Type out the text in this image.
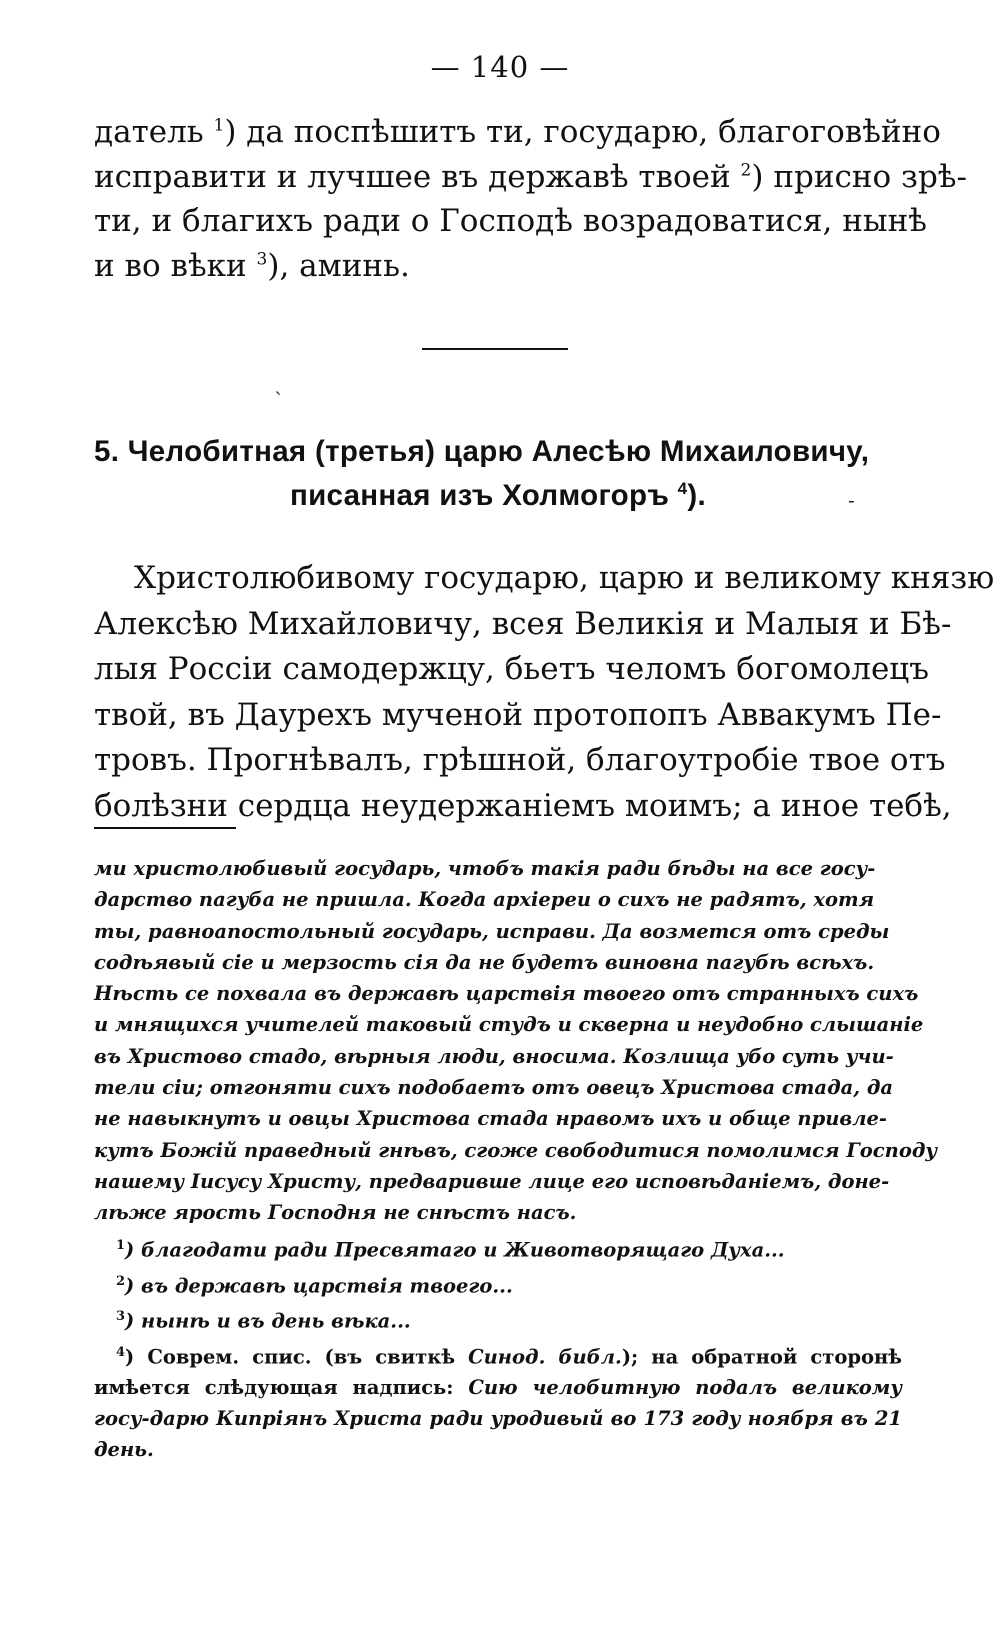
— 140 —
датель $^1$) да поспѣшитъ ти, государю, благоговѣйно
исправити и лучшее въ державѣ твоей $^2$) присно зрѣ-
ти, и благихъ ради о Господѣ возрадоватися, нынѣ
и во вѣки $^3$), аминь.
5. Челобитная (третья) царю Алесѣю Михаиловичу,
писанная изъ Холмогоръ $^4$).
Христолюбивому государю, царю и великому князю
Алексѣю Михайловичу, всея Великія и Малыя и Бѣ-
лыя Россіи самодержцу, бьетъ челомъ богомолецъ
твой, въ Даурехъ мученой протопопъ Аввакумъ Пе-
тровъ. Прогнѣвалъ, грѣшной, благоутробіе твое отъ
болѣзни сердца неудержаніемъ моимъ; а иное тебѣ,
ми христолюбивый государь, чтобъ такія ради бѣды на все госу-
дарство пагуба не пришла. Когда архіереи о сихъ не радятъ, хотя
ты, равноапостольный государь, исправи. Да возмется отъ среды
содѣявый сіе и мерзость сія да не будетъ виновна пагубѣ всѣхъ.
Нѣсть се похвала въ державѣ царствія твоего отъ странныхъ сихъ
и мнящихся учителей таковый студъ и скверна и неудобно слышаніе
въ Христово стадо, вѣрныя люди, вносима. Козлища убо суть учи-
тели сіи; отгоняти сихъ подобаетъ отъ овецъ Христова стада, да
не навыкнутъ и овцы Христова стада нравомъ ихъ и обще привле-
кутъ Божій праведный гнѣвъ, сгоже свободитися помолимся Господу
нашему Іисусу Христу, предваривше лице его исповѣданіемъ, доне-
лѣже ярость Господня не снѣстъ насъ.
$^1$) благодати ради Пресвятаго и Животворящаго Духа...
$^2$) въ державѣ царствія твоего...
$^3$) нынѣ и въ день вѣка...
$^4$) Соврем. спис. (въ свиткѣ Синод. библ.); на обратной сторонѣ имѣется слѣдующая надпись: Сию челобитную подалъ великому госу-дарю Кипріянъ Христа ради уродивый во 173 году ноября въ 21 день.
ˋ
-
